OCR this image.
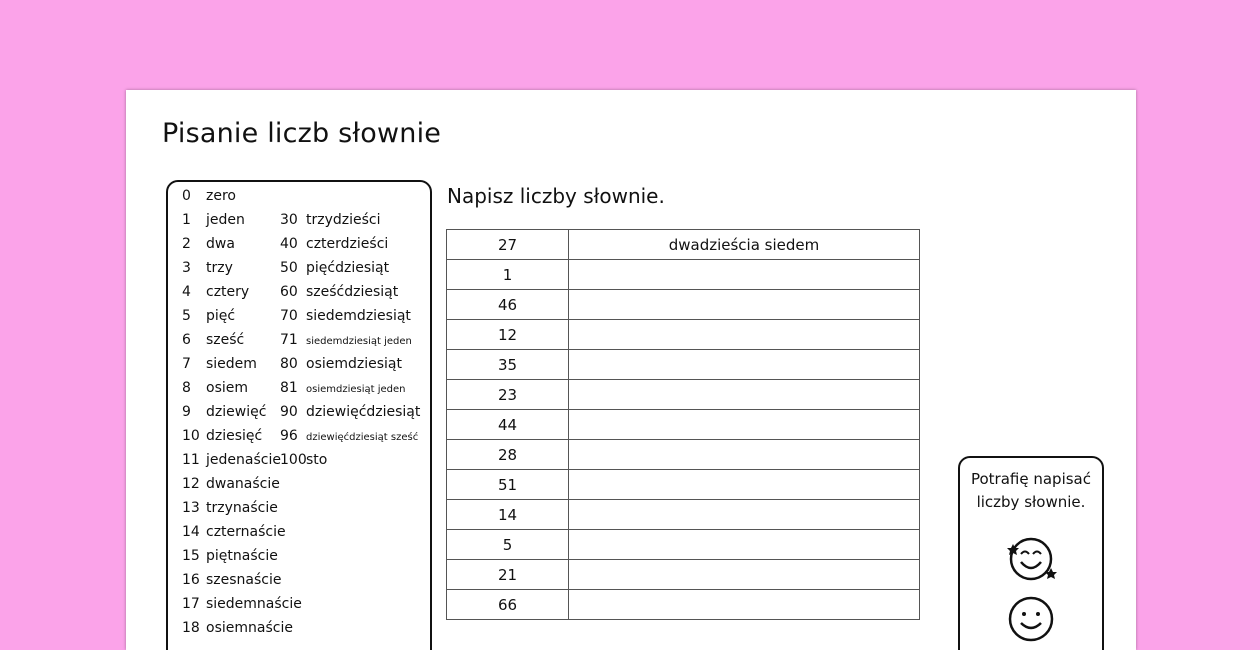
Pisanie liczb słownie
0 zero
1 jeden
2 dwa
3 trzy
4 cztery
5 pięć
6 sześć
7 siedem
8 osiem
9 dziewięć
10 dziesięć
11 jedenaście
12 dwanaście
13 trzynaście
14 czternaście
15 piętnaście
16 szesnaście
17 siedemnaście
18 osiemnaście
30 trzydzieści
40 czterdzieści
50 pięćdziesiąt
60 sześćdziesiąt
70 siedemdziesiąt
71 siedemdziesiąt jeden
80 osiemdziesiąt
81 osiemdziesiąt jeden
90 dziewięćdziesiąt
96 dziewięćdziesiąt sześć
100sto
Napisz liczby słownie.
27	dwadzieścia siedem
1	
46	
12	
35	
23	
44	
28	
51	
14	
5	
21	
66	
Potrafię napisać liczby słownie.
